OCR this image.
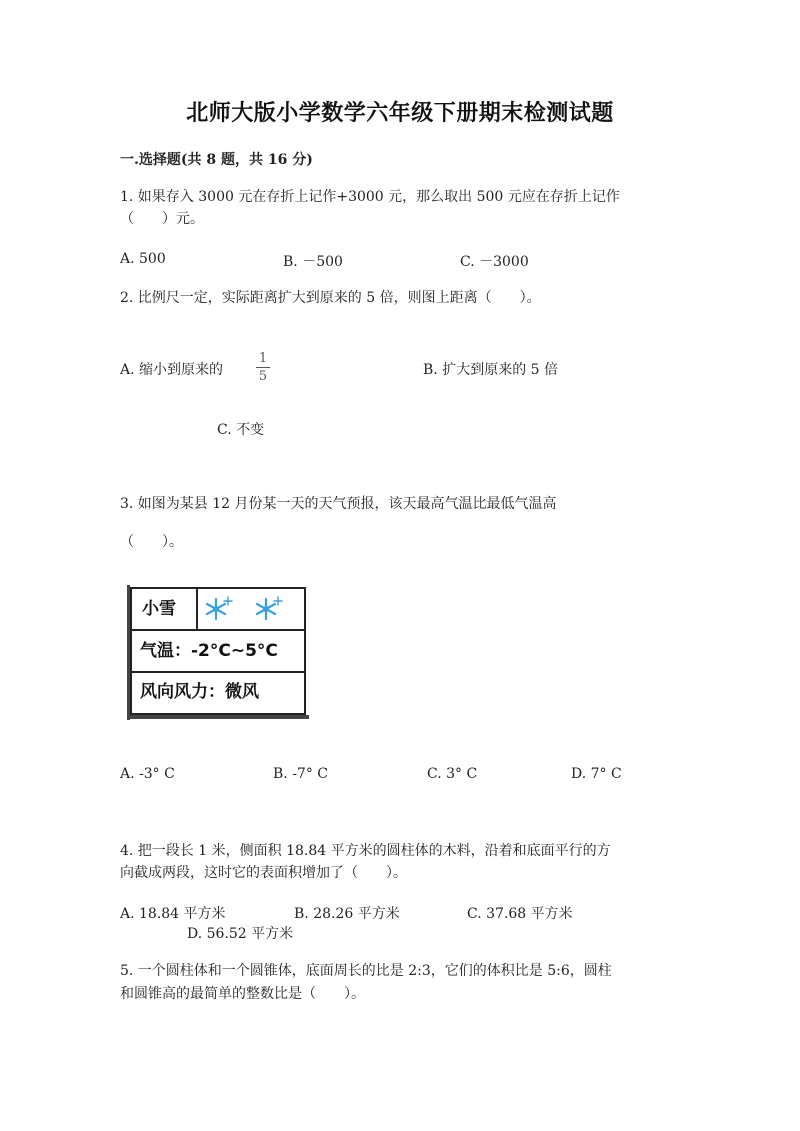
北师大版小学数学六年级下册期末检测试题
一.选择题(共 8 题，共 16 分)
1. 如果存入 3000 元在存折上记作+3000 元，那么取出 500 元应在存折上记作
（　　）元。
A. 500	B. －500	C. －3000
2. 比例尺一定，实际距离扩大到原来的 5 倍，则图上距离（　　）。
A. 缩小到原来的
1
5	B. 扩大到原来的 5 倍
C. 不变
3. 如图为某县 12 月份某一天的天气预报，该天最高气温比最低气温高
（　　）。
小雪
气温：-2°C~5°C
风向风力：微风
A. -3° C	B. -7° C	C. 3° C	D. 7° C
4. 把一段长 1 米，侧面积 18.84 平方米的圆柱体的木料，沿着和底面平行的方
向截成两段，这时它的表面积增加了（　　）。
A. 18.84 平方米	B. 28.26 平方米	C. 37.68 平方米
D. 56.52 平方米
5. 一个圆柱体和一个圆锥体，底面周长的比是 2:3，它们的体积比是 5:6，圆柱
和圆锥高的最简单的整数比是（　　）。
